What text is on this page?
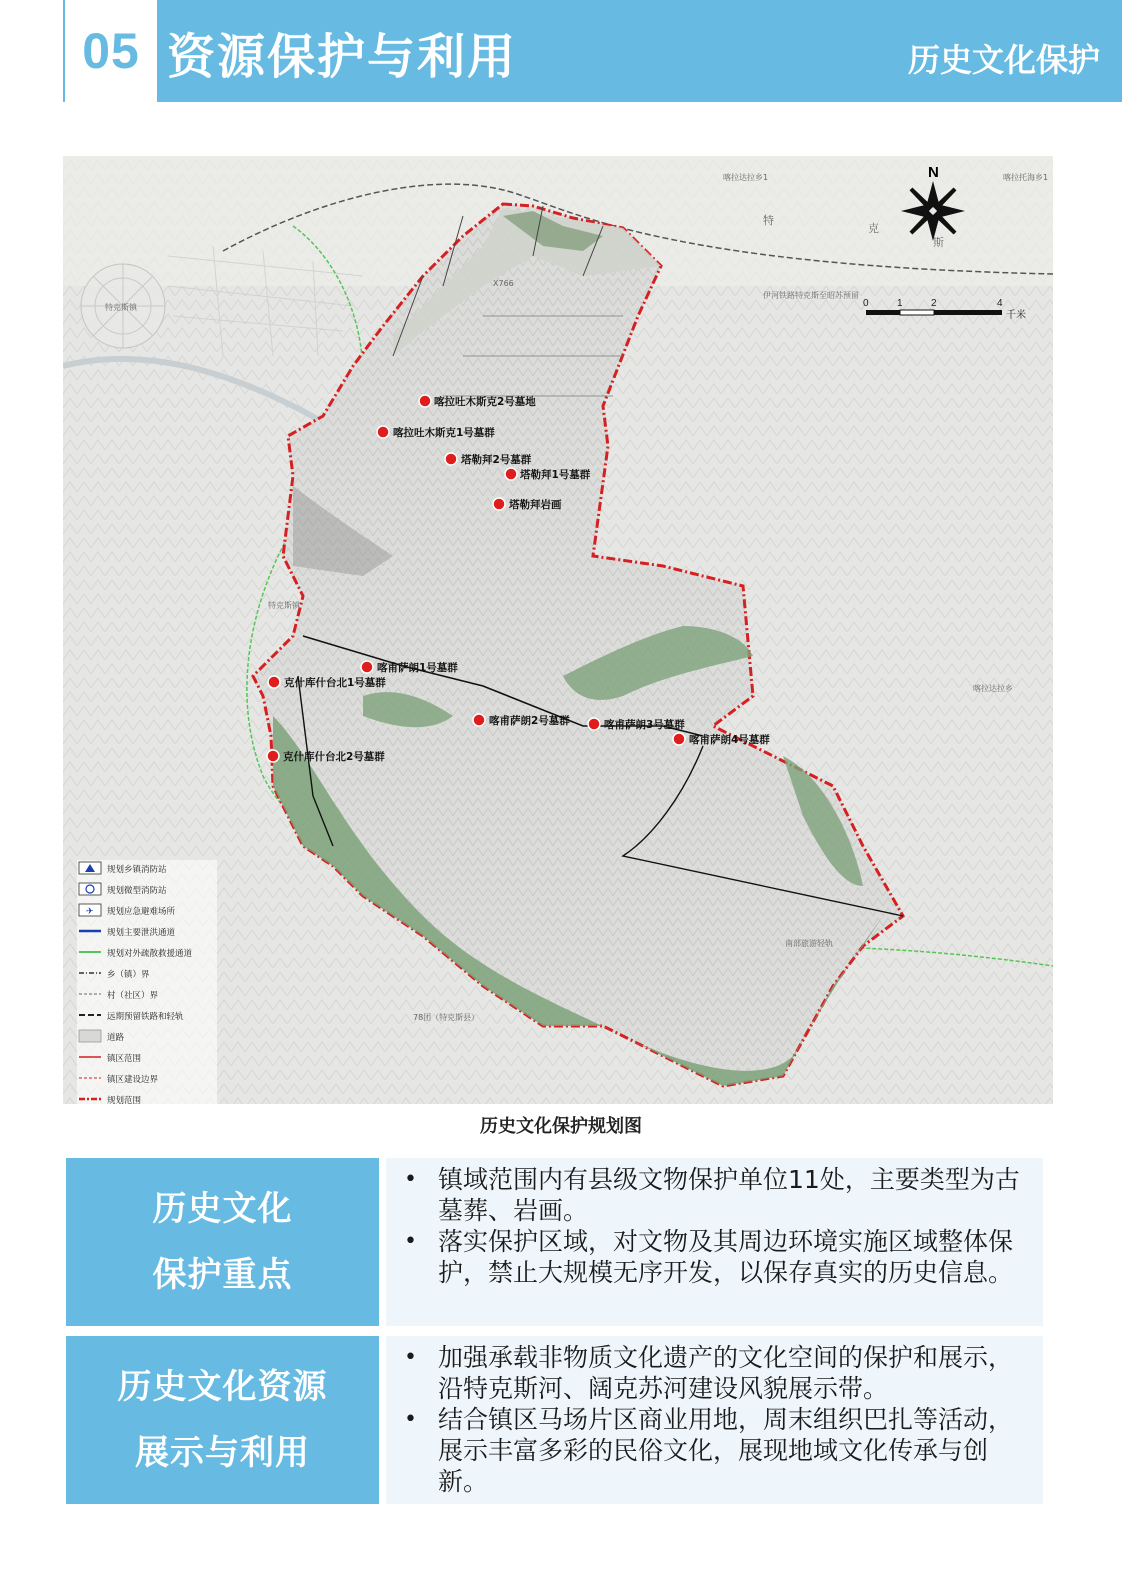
05 资源保护与利用	历史文化保护
喀拉达拉乡1	喀拉托海乡1
特克斯镇
特
克
斯
伊河铁路特克斯至昭苏预留
喀拉达拉乡
南部旅游轻轨
78团（特克斯县）
特克斯镇
X766
喀拉吐木斯克2号墓地
喀拉吐木斯克1号墓群
塔勒拜2号墓群
塔勒拜1号墓群
塔勒拜岩画
喀甫萨朗1号墓群
克什库什台北1号墓群
喀甫萨朗2号墓群	喀甫萨朗3号墓群
喀甫萨朗4号墓群
克什库什台北2号墓群
N
0	1	2	4
千米
规划乡镇消防站
规划微型消防站
✈ 规划应急避难场所
规划主要泄洪通道
规划对外疏散救援通道
乡（镇）界
村（社区）界
远期预留铁路和轻轨
道路
镇区范围
镇区建设边界
规划范围
历史文化保护规划图
历史文化
保护重点
• 镇域范围内有县级文物保护单位11处，主要类型为古墓葬、岩画。
• 落实保护区域，对文物及其周边环境实施区域整体保护，禁止大规模无序开发，以保存真实的历史信息。
历史文化资源
展示与利用
• 加强承载非物质文化遗产的文化空间的保护和展示，沿特克斯河、阔克苏河建设风貌展示带。
• 结合镇区马场片区商业用地，周末组织巴扎等活动，展示丰富多彩的民俗文化，展现地域文化传承与创新。
